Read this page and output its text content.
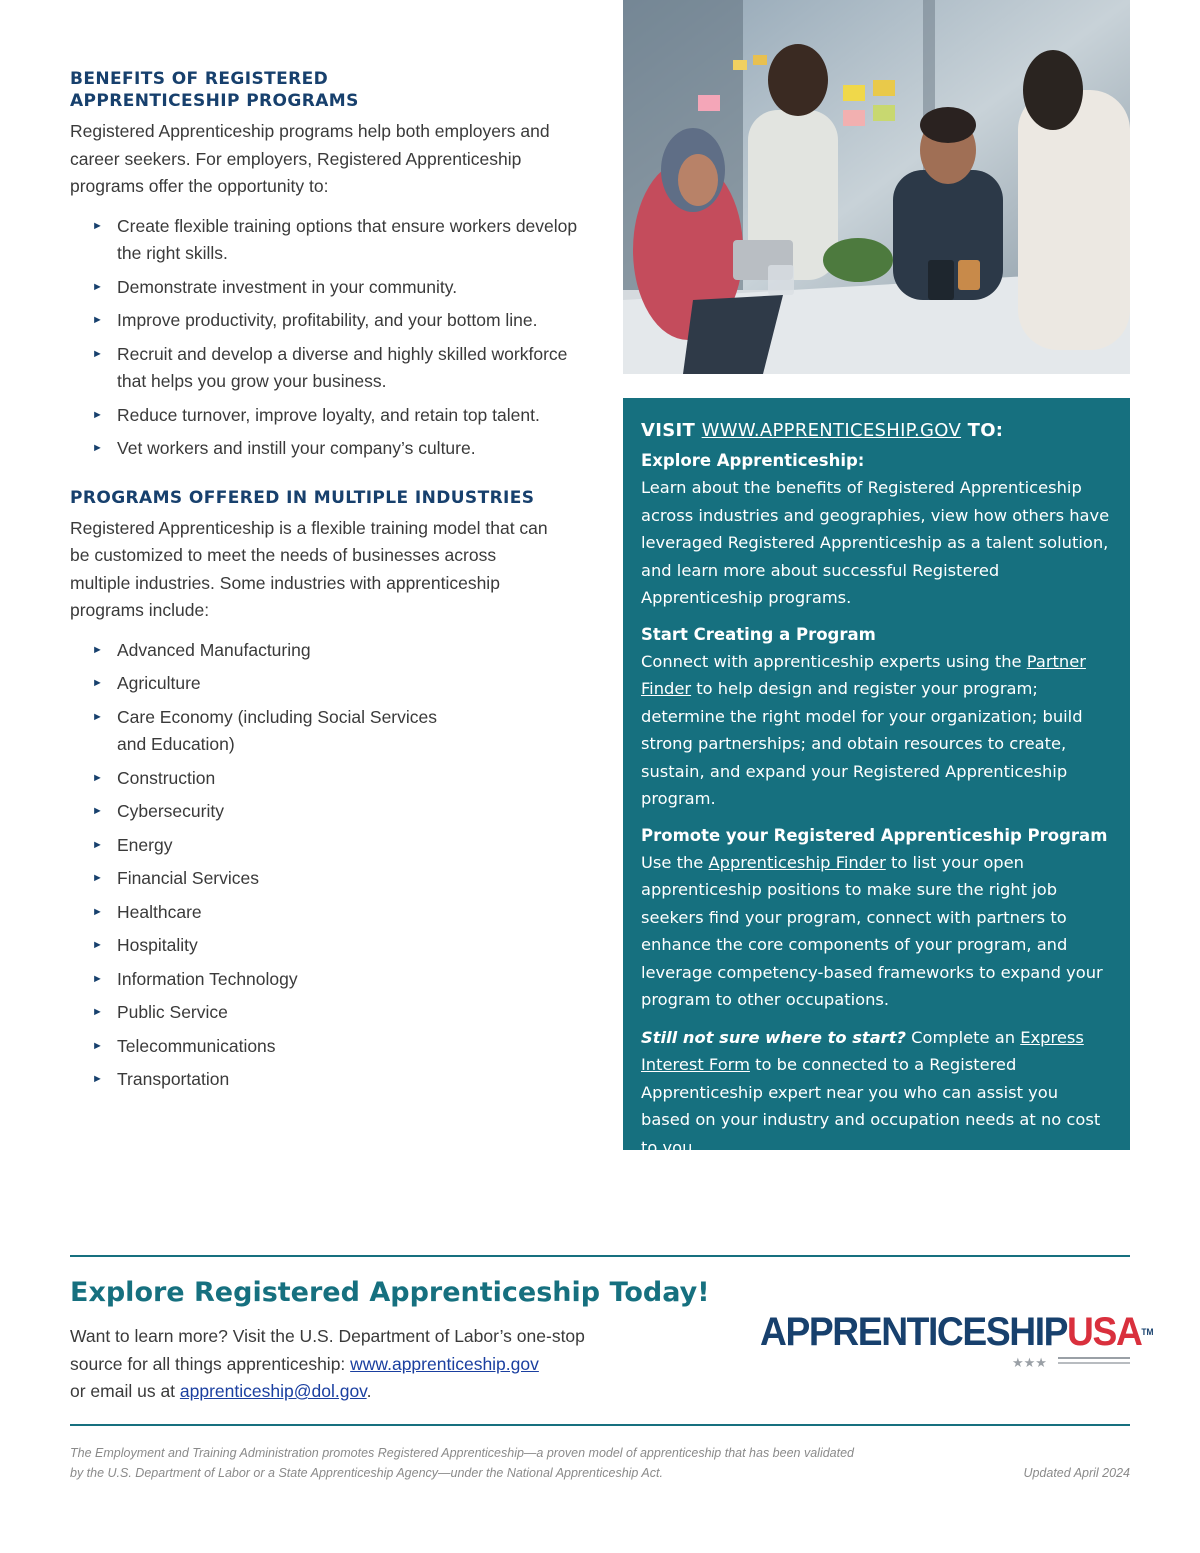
BENEFITS OF REGISTERED
APPRENTICESHIP PROGRAMS

Registered Apprenticeship programs help both employers and career seekers. For employers, Registered Apprenticeship programs offer the opportunity to:

► Create flexible training options that ensure workers develop the right skills.
► Demonstrate investment in your community.
► Improve productivity, profitability, and your bottom line.
► Recruit and develop a diverse and highly skilled workforce that helps you grow your business.
► Reduce turnover, improve loyalty, and retain top talent.
► Vet workers and instill your company’s culture.
PROGRAMS OFFERED IN MULTIPLE INDUSTRIES

Registered Apprenticeship is a flexible training model that can be customized to meet the needs of businesses across multiple industries. Some industries with apprenticeship programs include:

► Advanced Manufacturing
► Agriculture
► Care Economy (including Social Services and Education)
► Construction
► Cybersecurity
► Energy
► Financial Services
► Healthcare
► Hospitality
► Information Technology
► Public Service
► Telecommunications
► Transportation
VISIT WWW.APPRENTICESHIP.GOV TO:
Explore Apprenticeship:

Learn about the benefits of Registered Apprenticeship across industries and geographies, view how others have leveraged Registered Apprenticeship as a talent solution, and learn more about successful Registered Apprenticeship programs.

Start Creating a Program

Connect with apprenticeship experts using the Partner Finder to help design and register your program; determine the right model for your organization; build strong partnerships; and obtain resources to create, sustain, and expand your Registered Apprenticeship program.

Promote your Registered Apprenticeship Program

Use the Apprenticeship Finder to list your open apprenticeship positions to make sure the right job seekers find your program, connect with partners to enhance the core components of your program, and leverage competency-based frameworks to expand your program to other occupations.

Still not sure where to start? Complete an Express Interest Form to be connected to a Registered Apprenticeship expert near you who can assist you based on your industry and occupation needs at no cost to you.

Explore Registered Apprenticeship Today!

Want to learn more? Visit the U.S. Department of Labor’s one-stop source for all things apprenticeship: www.apprenticeship.gov
or email us at apprenticeship@dol.gov.

APPRENTICESHIPUSA™
★★★

The Employment and Training Administration promotes Registered Apprenticeship—a proven model of apprenticeship that has been validated by the U.S. Department of Labor or a State Apprenticeship Agency—under the National Apprenticeship Act.	Updated April 2024
